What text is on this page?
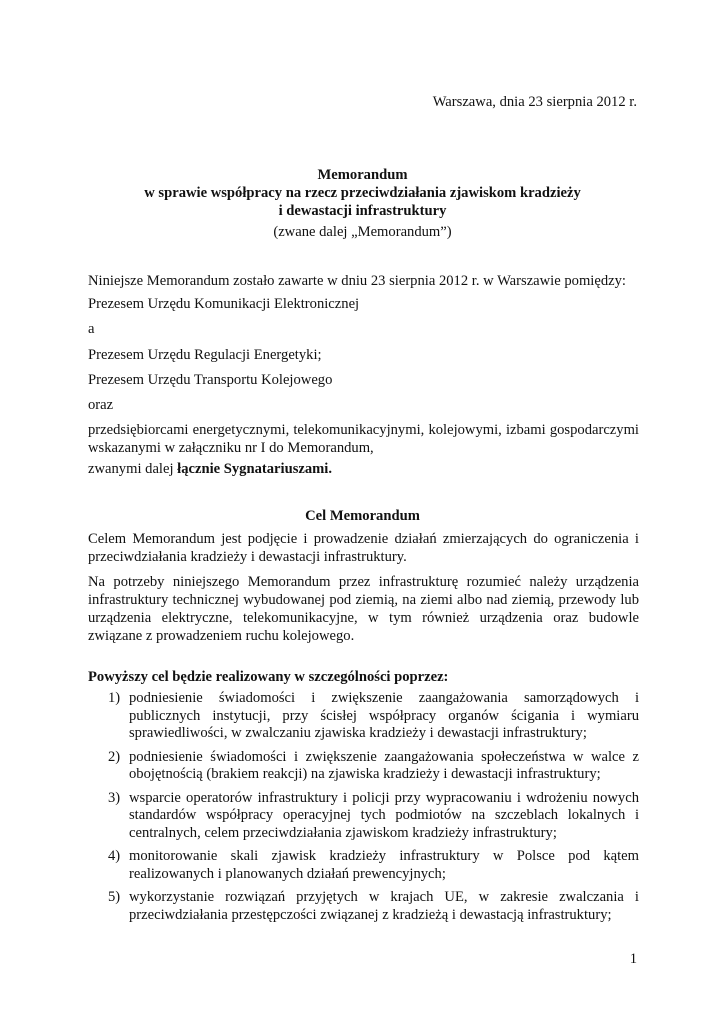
Warszawa, dnia 23 sierpnia 2012 r.
Memorandum
w sprawie współpracy na rzecz przeciwdziałania zjawiskom kradzieży
i dewastacji infrastruktury
(zwane dalej „Memorandum”)
Niniejsze Memorandum zostało zawarte w dniu 23 sierpnia 2012 r. w Warszawie pomiędzy:
Prezesem Urzędu Komunikacji Elektronicznej
a
Prezesem Urzędu Regulacji Energetyki;
Prezesem Urzędu Transportu Kolejowego
oraz
przedsiębiorcami energetycznymi, telekomunikacyjnymi, kolejowymi, izbami gospodarczymi wskazanymi w załączniku nr I do Memorandum,
zwanymi dalej łącznie Sygnatariuszami.
Cel Memorandum
Celem Memorandum jest podjęcie i prowadzenie działań zmierzających do ograniczenia i przeciwdziałania kradzieży i dewastacji infrastruktury.
Na potrzeby niniejszego Memorandum przez infrastrukturę rozumieć należy urządzenia infrastruktury technicznej wybudowanej pod ziemią, na ziemi albo nad ziemią, przewody lub urządzenia elektryczne, telekomunikacyjne, w tym również urządzenia oraz budowle związane z prowadzeniem ruchu kolejowego.
Powyższy cel będzie realizowany w szczególności poprzez:
1) podniesienie świadomości i zwiększenie zaangażowania samorządowych i publicznych instytucji, przy ścisłej współpracy organów ścigania i wymiaru sprawiedliwości, w zwalczaniu zjawiska kradzieży i dewastacji infrastruktury;
2) podniesienie świadomości i zwiększenie zaangażowania społeczeństwa w walce z obojętnością (brakiem reakcji) na zjawiska kradzieży i dewastacji infrastruktury;
3) wsparcie operatorów infrastruktury i policji przy wypracowaniu i wdrożeniu nowych standardów współpracy operacyjnej tych podmiotów na szczeblach lokalnych i centralnych, celem przeciwdziałania zjawiskom kradzieży infrastruktury;
4) monitorowanie skali zjawisk kradzieży infrastruktury w Polsce pod kątem realizowanych i planowanych działań prewencyjnych;
5) wykorzystanie rozwiązań przyjętych w krajach UE, w zakresie zwalczania i przeciwdziałania przestępczości związanej z kradzieżą i dewastacją infrastruktury;
1
